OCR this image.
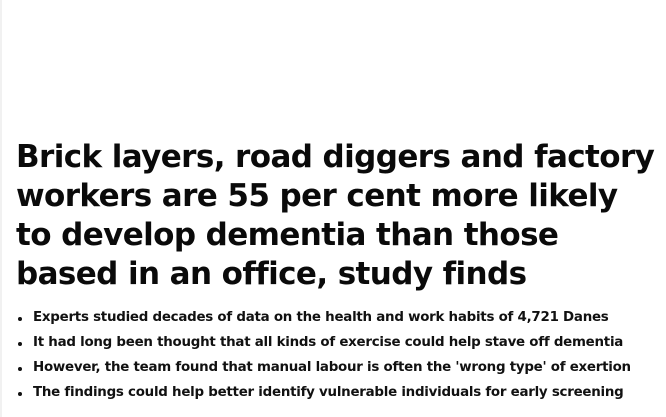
Brick layers, road diggers and factory workers are 55 per cent more likely to develop dementia than those based in an office, study finds
Experts studied decades of data on the health and work habits of 4,721 Danes
It had long been thought that all kinds of exercise could help stave off dementia
However, the team found that manual labour is often the 'wrong type' of exertion
The findings could help better identify vulnerable individuals for early screening
